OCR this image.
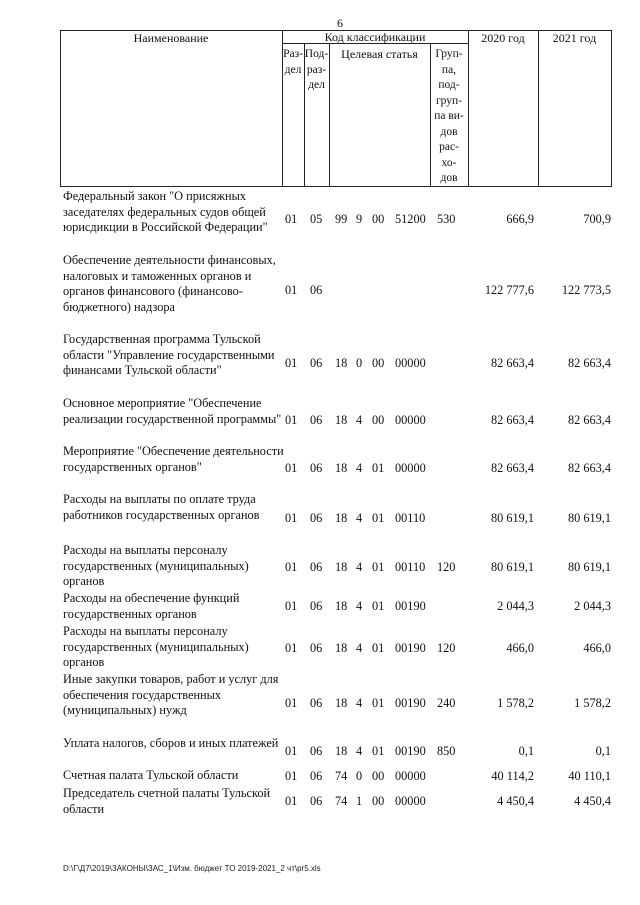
6
Наименование	Код классификации
Раз-
дел
Под-
раз-
дел
Целевая статья	Груп-
па,
под-
груп-
па ви-
дов
рас-
хо-
дов
2020 год	2021 год
Федеральный закон "О присяжных заседателях федеральных судов общей юрисдикции в Российской Федерации"
01 05 99 9 00 51200 530	666,9	700,9
Обеспечение деятельности финансовых, налоговых и таможенных органов и органов финансового (финансово-бюджетного) надзора
01 06	122 777,6	122 773,5
Государственная программа Тульской области "Управление государственными финансами Тульской области"
01 06 18 0 00 00000	82 663,4	82 663,4
Основное мероприятие "Обеспечение реализации государственной программы" 01 06 18 4 00 00000	82 663,4	82 663,4
Мероприятие "Обеспечение деятельности государственных органов"	01 06 18 4 01 00000	82 663,4	82 663,4
Расходы на выплаты по оплате труда работников государственных органов	01 06 18 4 01 00110	80 619,1	80 619,1
Расходы на выплаты персоналу государственных (муниципальных) органов
01 06 18 4 01 00110 120	80 619,1	80 619,1
Расходы на обеспечение функций государственных органов
01 06 18 4 01 00190	2 044,3	2 044,3
Расходы на выплаты персоналу государственных (муниципальных) органов
01 06 18 4 01 00190 120	466,0	466,0
Иные закупки товаров, работ и услуг для обеспечения государственных (муниципальных) нужд
01 06 18 4 01 00190 240	1 578,2	1 578,2
Уплата налогов, сборов и иных платежей
01 06 18 4 01 00190 850	0,1	0,1
Счетная палата Тульской области	01 06 74 0 00 00000	40 114,2	40 110,1
Председатель счетной палаты Тульской области
01 06 74 1 00 00000	4 450,4	4 450,4
D:\Г\Д7\2019\ЗАКОНЫ\ЗАС_1\Изм. бюджет ТО 2019-2021_2 чт\pr5.xls
